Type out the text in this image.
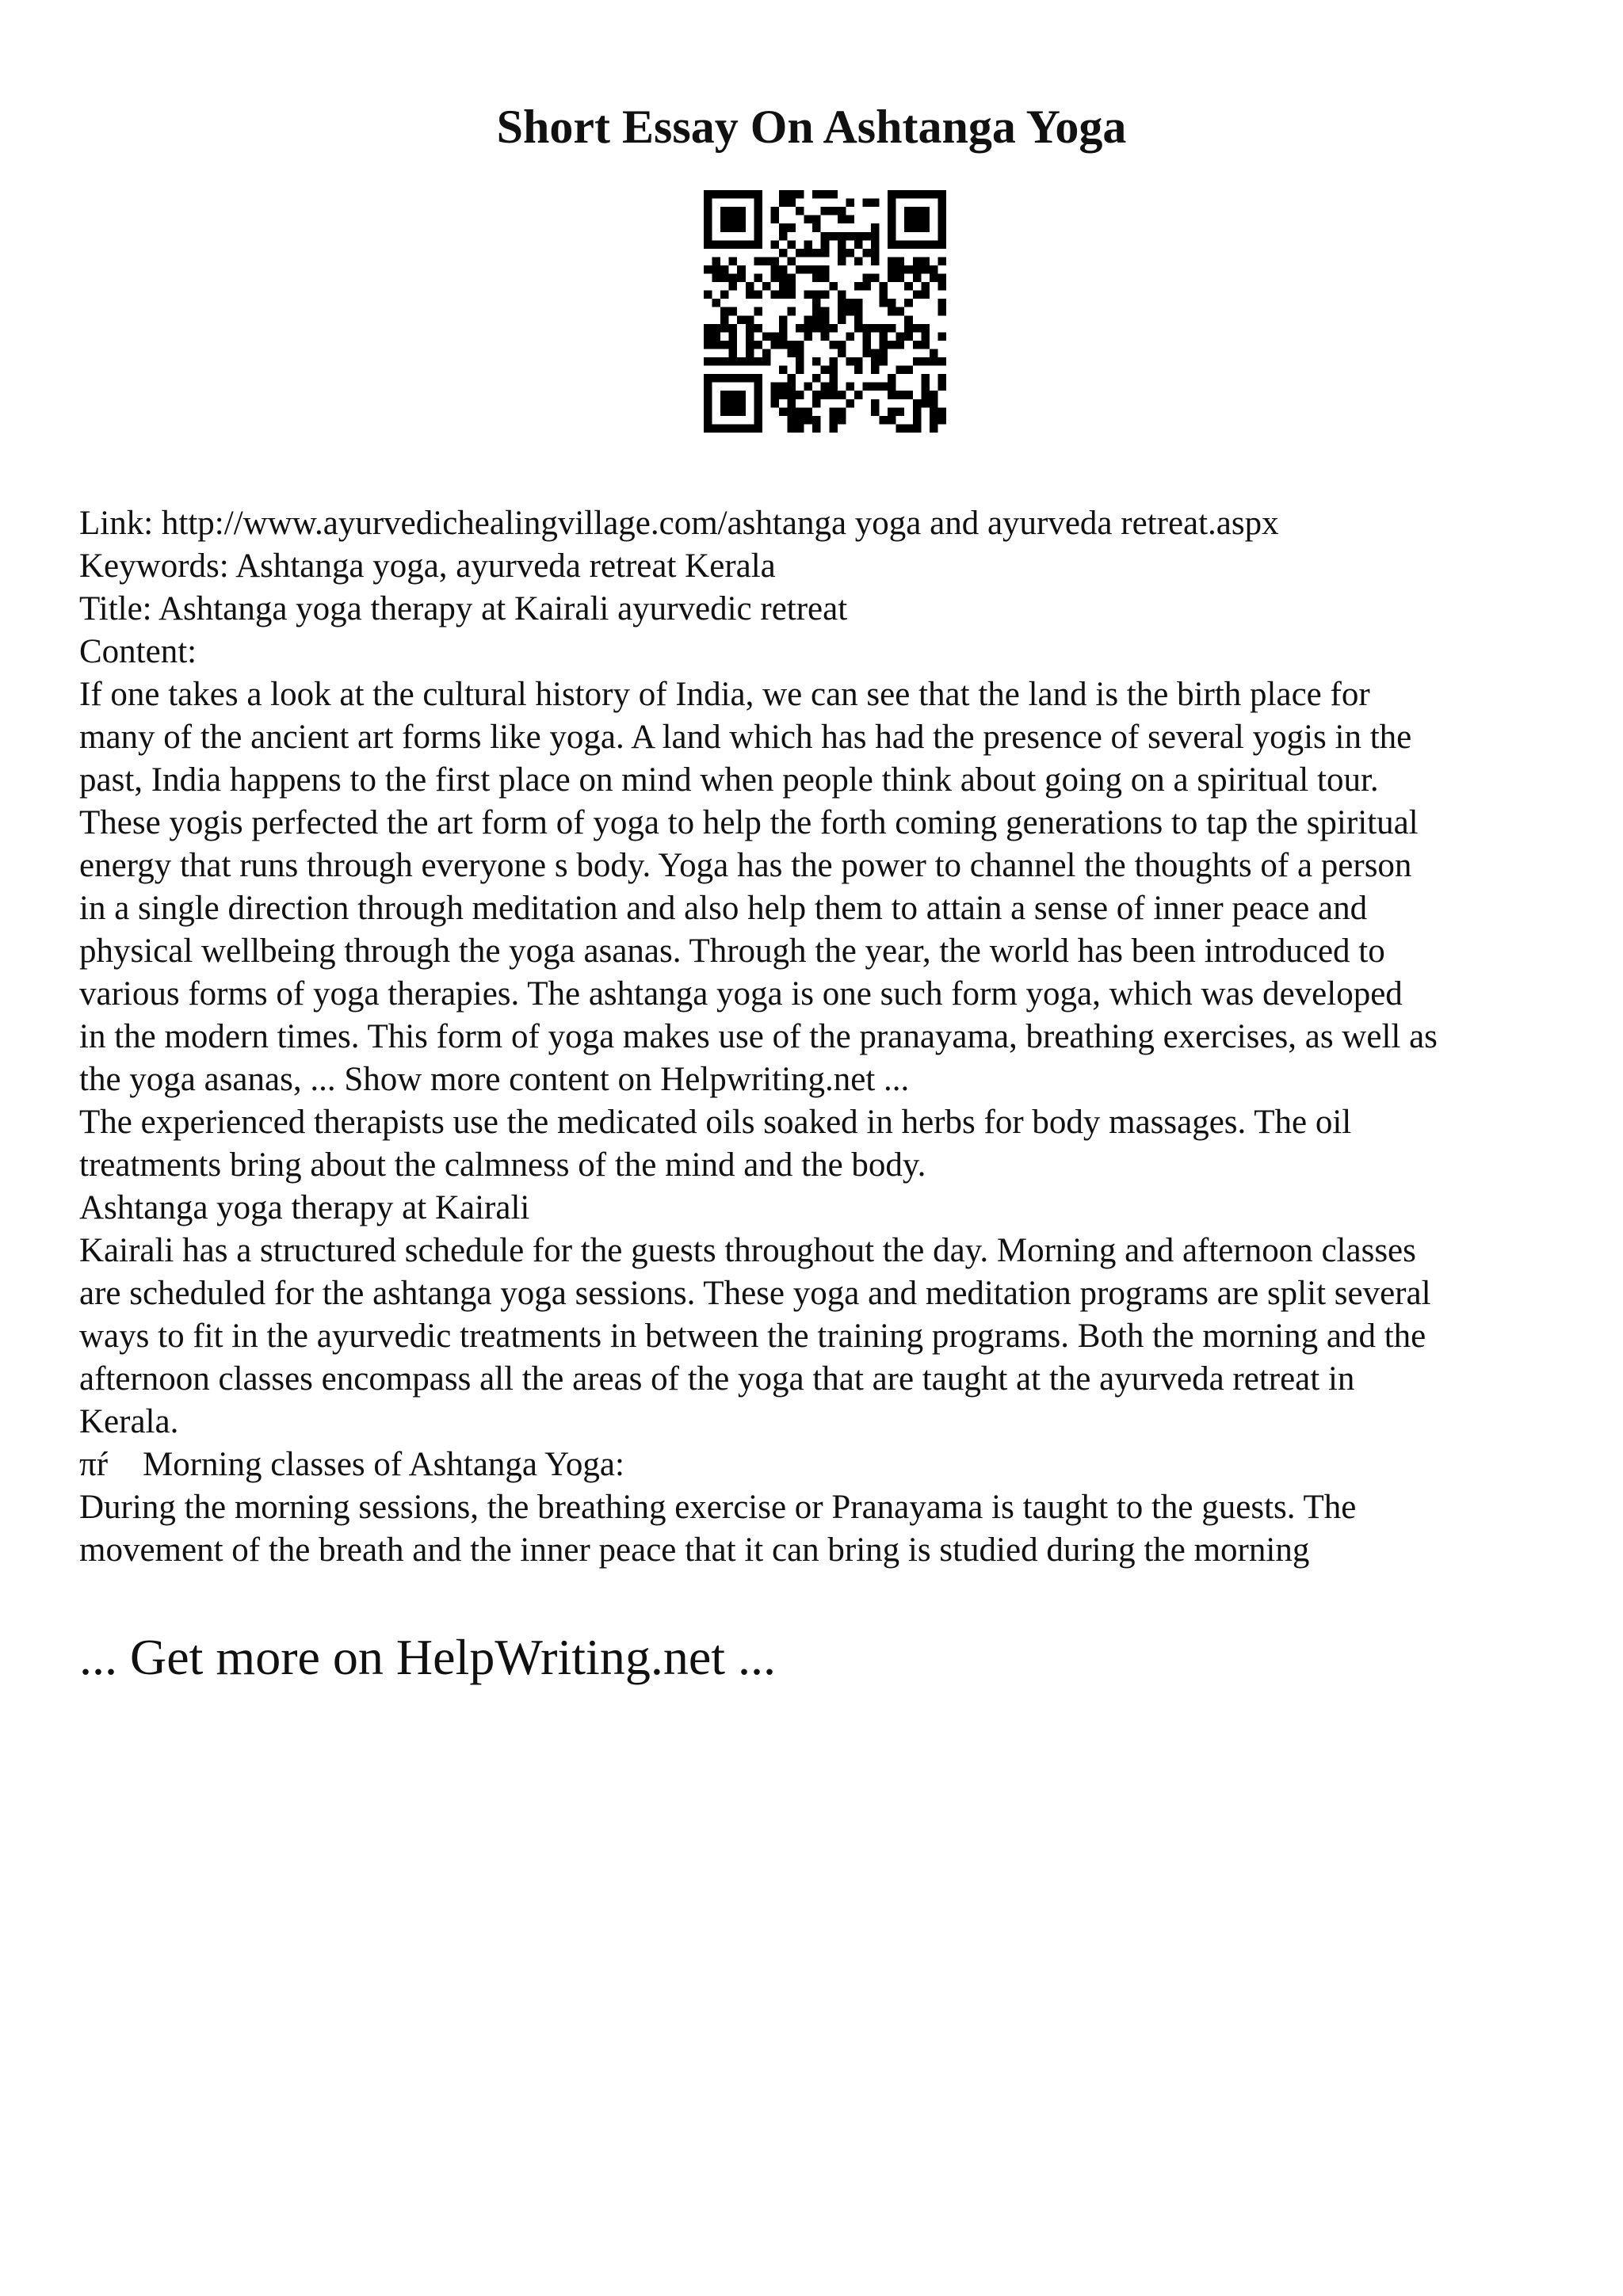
Short Essay On Ashtanga Yoga
Link: http://www.ayurvedichealingvillage.com/ashtanga yoga and ayurveda retreat.aspx
Keywords: Ashtanga yoga, ayurveda retreat Kerala
Title: Ashtanga yoga therapy at Kairali ayurvedic retreat
Content:
If one takes a look at the cultural history of India, we can see that the land is the birth place for
many of the ancient art forms like yoga. A land which has had the presence of several yogis in the
past, India happens to the first place on mind when people think about going on a spiritual tour.
These yogis perfected the art form of yoga to help the forth coming generations to tap the spiritual
energy that runs through everyone s body. Yoga has the power to channel the thoughts of a person
in a single direction through meditation and also help them to attain a sense of inner peace and
physical wellbeing through the yoga asanas. Through the year, the world has been introduced to
various forms of yoga therapies. The ashtanga yoga is one such form yoga, which was developed
in the modern times. This form of yoga makes use of the pranayama, breathing exercises, as well as
the yoga asanas, ... Show more content on Helpwriting.net ...
The experienced therapists use the medicated oils soaked in herbs for body massages. The oil
treatments bring about the calmness of the mind and the body.
Ashtanga yoga therapy at Kairali
Kairali has a structured schedule for the guests throughout the day. Morning and afternoon classes
are scheduled for the ashtanga yoga sessions. These yoga and meditation programs are split several
ways to fit in the ayurvedic treatments in between the training programs. Both the morning and the
afternoon classes encompass all the areas of the yoga that are taught at the ayurveda retreat in
Kerala.
πŕ Morning classes of Ashtanga Yoga:
During the morning sessions, the breathing exercise or Pranayama is taught to the guests. The
movement of the breath and the inner peace that it can bring is studied during the morning
... Get more on HelpWriting.net ...
